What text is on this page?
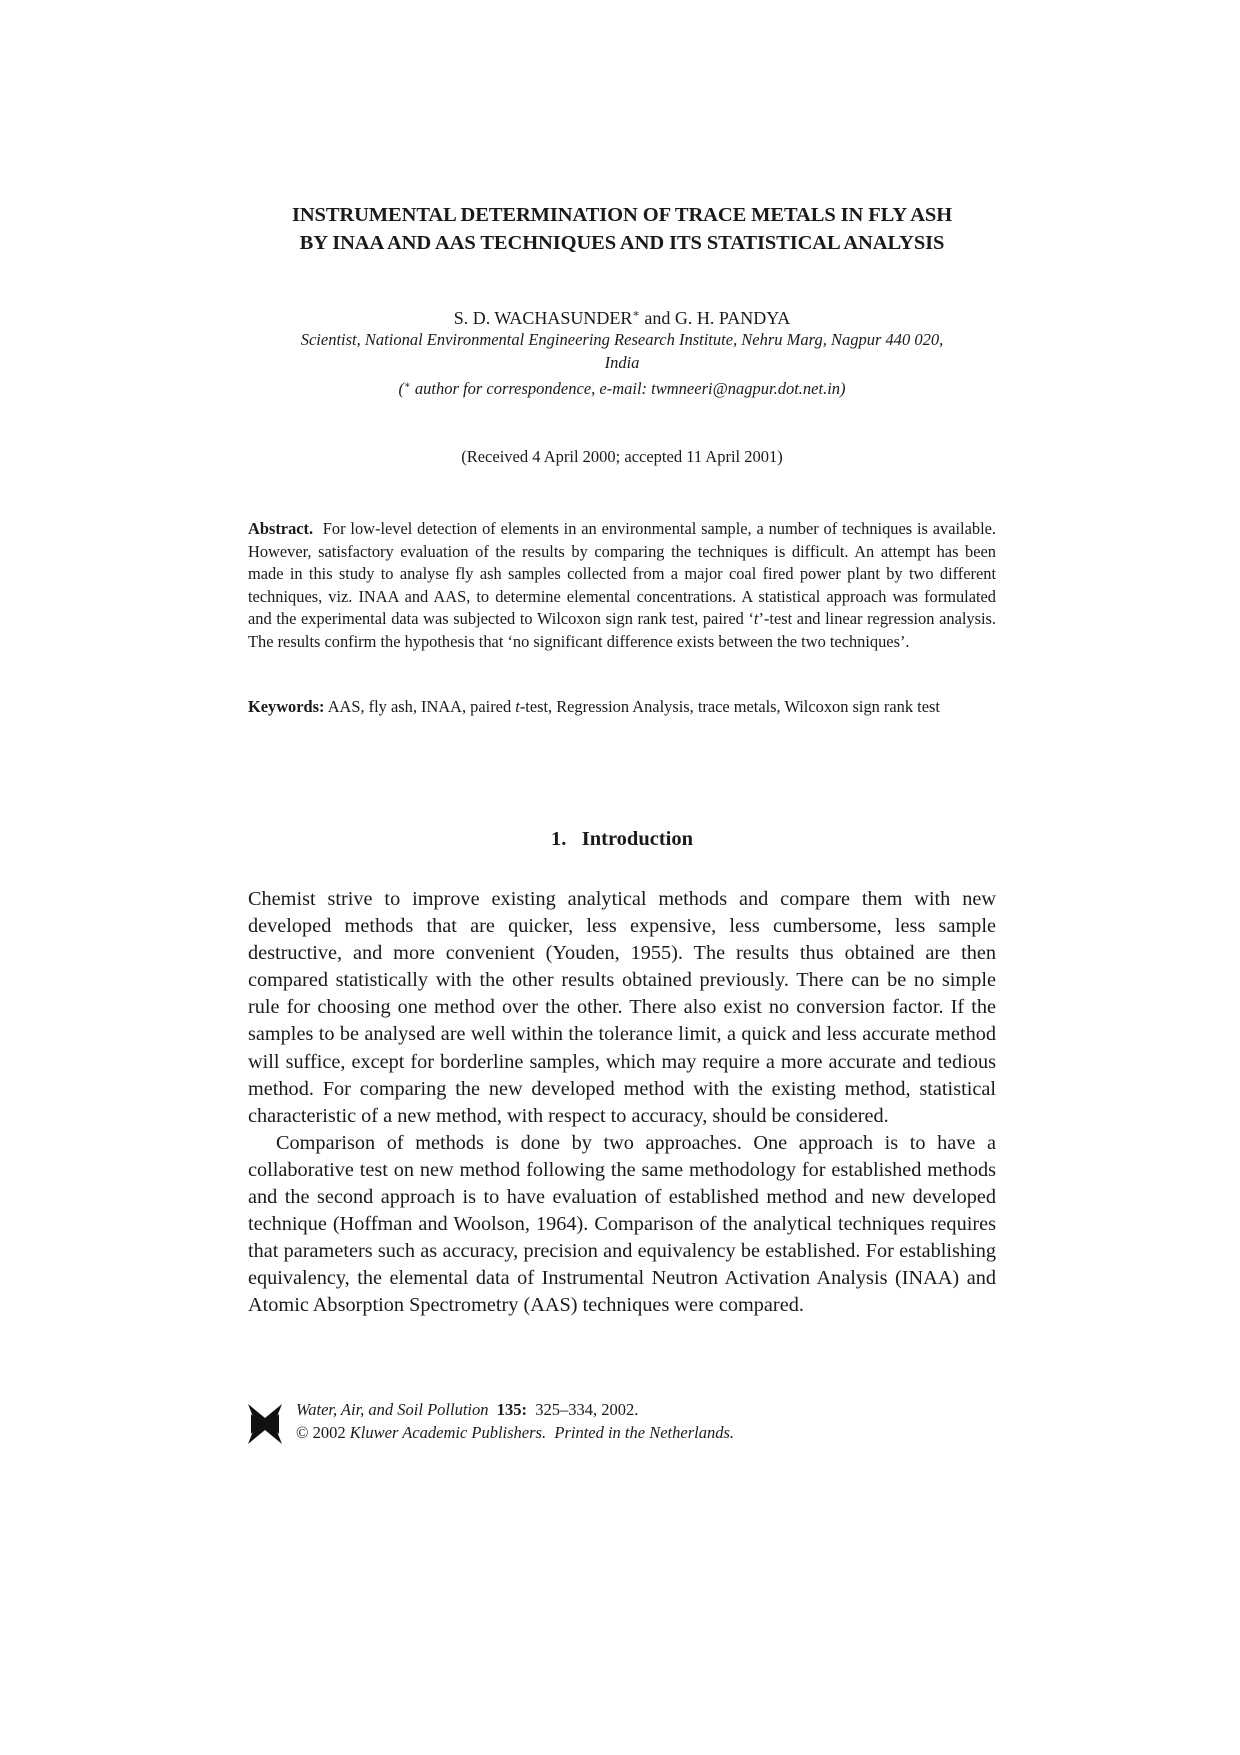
INSTRUMENTAL DETERMINATION OF TRACE METALS IN FLY ASH
BY INAA AND AAS TECHNIQUES AND ITS STATISTICAL ANALYSIS
S. D. WACHASUNDER∗ and G. H. PANDYA
Scientist, National Environmental Engineering Research Institute, Nehru Marg, Nagpur 440 020,
India
(∗ author for correspondence, e-mail: twmneeri@nagpur.dot.net.in)
(Received 4 April 2000; accepted 11 April 2001)
Abstract. For low-level detection of elements in an environmental sample, a number of techniques is available. However, satisfactory evaluation of the results by comparing the techniques is difficult. An attempt has been made in this study to analyse fly ash samples collected from a major coal fired power plant by two different techniques, viz. INAA and AAS, to determine elemental concentrations. A statistical approach was formulated and the experimental data was subjected to Wilcoxon sign rank test, paired ‘t’-test and linear regression analysis. The results confirm the hypothesis that ‘no significant difference exists between the two techniques’.
Keywords: AAS, fly ash, INAA, paired t-test, Regression Analysis, trace metals, Wilcoxon sign rank test
1.   Introduction

Chemist strive to improve existing analytical methods and compare them with new developed methods that are quicker, less expensive, less cumbersome, less sample destructive, and more convenient (Youden, 1955). The results thus obtained are then compared statistically with the other results obtained previously. There can be no simple rule for choosing one method over the other. There also exist no conversion factor. If the samples to be analysed are well within the tolerance limit, a quick and less accurate method will suffice, except for borderline samples, which may require a more accurate and tedious method. For comparing the new developed method with the existing method, statistical characteristic of a new method, with respect to accuracy, should be considered.

Comparison of methods is done by two approaches. One approach is to have a collaborative test on new method following the same methodology for established methods and the second approach is to have evaluation of established method and new developed technique (Hoffman and Woolson, 1964). Comparison of the analytical techniques requires that parameters such as accuracy, precision and equivalency be established. For establishing equivalency, the elemental data of Instrumental Neutron Activation Analysis (INAA) and Atomic Absorption Spectrometry (AAS) techniques were compared.

Water, Air, and Soil Pollution 135: 325–334, 2002.
© 2002 Kluwer Academic Publishers. Printed in the Netherlands.
